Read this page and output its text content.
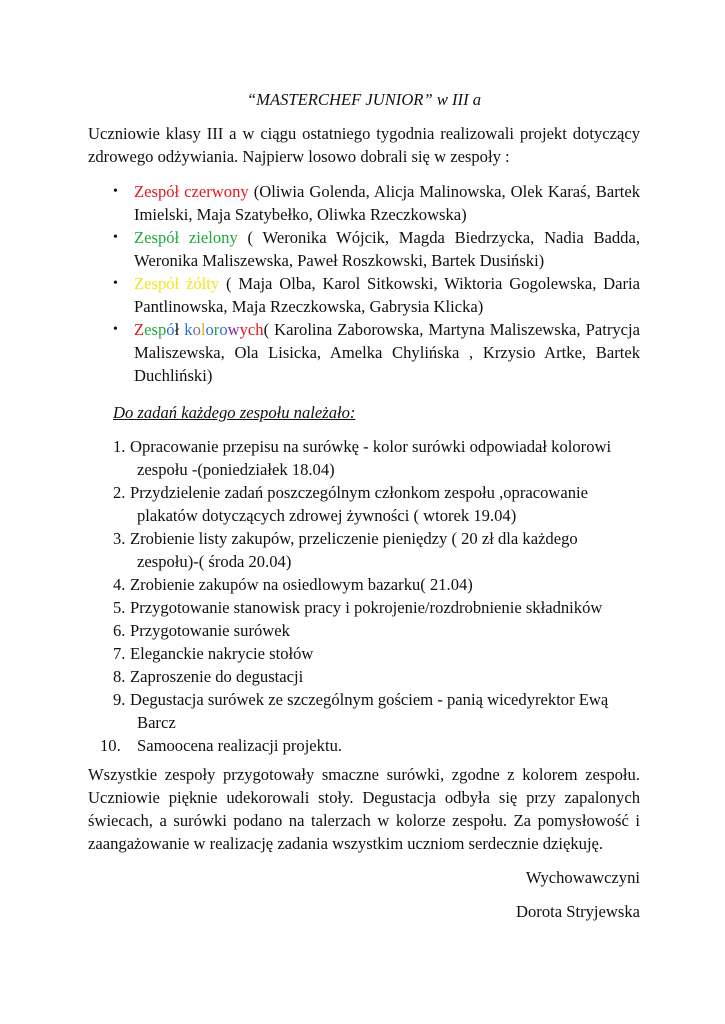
“MASTERCHEF JUNIOR” w III a

Uczniowie klasy III a w ciągu ostatniego tygodnia realizowali projekt dotyczący zdrowego odżywiania. Najpierw losowo dobrali się w zespoły :

• Zespół czerwony (Oliwia Golenda, Alicja Malinowska, Olek Karaś, Bartek Imielski, Maja Szatybełko, Oliwka Rzeczkowska)
• Zespół zielony ( Weronika Wójcik, Magda Biedrzycka, Nadia Badda, Weronika Maliszewska, Paweł Roszkowski, Bartek Dusiński)
• Zespół żółty ( Maja Olba, Karol Sitkowski, Wiktoria Gogolewska, Daria Pantlinowska, Maja Rzeczkowska, Gabrysia Klicka)
• Zespół kolorowych( Karolina Zaborowska, Martyna Maliszewska, Patrycja Maliszewska, Ola Lisicka, Amelka Chylińska , Krzysio Artke, Bartek Duchliński)

Do zadań każdego zespołu należało:

1. Opracowanie przepisu na surówkę - kolor surówki odpowiadał kolorowi
zespołu -(poniedziałek 18.04)
2. Przydzielenie zadań poszczególnym członkom zespołu ,opracowanie
plakatów dotyczących zdrowej żywności ( wtorek 19.04)
3. Zrobienie listy zakupów, przeliczenie pieniędzy ( 20 zł dla każdego
zespołu)-( środa 20.04)
4. Zrobienie zakupów na osiedlowym bazarku( 21.04)
5. Przygotowanie stanowisk pracy i pokrojenie/rozdrobnienie składników
6. Przygotowanie surówek
7. Eleganckie nakrycie stołów
8. Zaproszenie do degustacji
9. Degustacja surówek ze szczególnym gościem - panią wicedyrektor Ewą
Barcz
10. Samoocena realizacji projektu.

Wszystkie zespoły przygotowały smaczne surówki, zgodne z kolorem zespołu. Uczniowie pięknie udekorowali stoły. Degustacja odbyła się przy zapalonych świecach, a surówki podano na talerzach w kolorze zespołu. Za pomysłowość i zaangażowanie w realizację zadania wszystkim uczniom serdecznie dziękuję.

Wychowawczyni

Dorota Stryjewska
